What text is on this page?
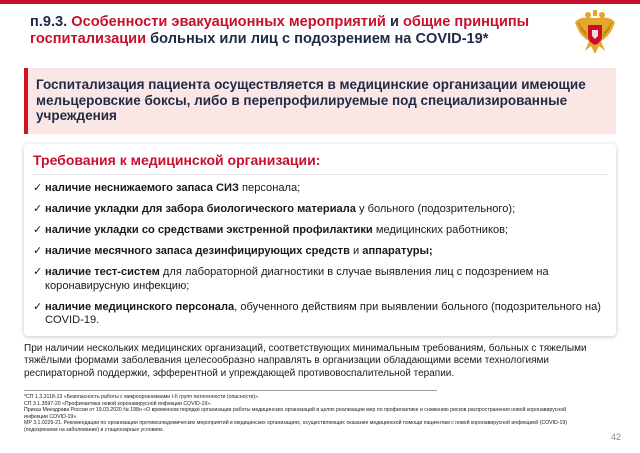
п.9.3. Особенности эвакуационных мероприятий и общие принципы госпитализации больных или лиц с подозрением на COVID-19*

Госпитализация пациента осуществляется в медицинские организации имеющие мельцеровские боксы, либо в перепрофилируемые под специализированные учреждения

Требования к медицинской организации:
✓ наличие неснижаемого запаса СИЗ персонала;
✓ наличие укладки для забора биологического материала у больного (подозрительного);
✓ наличие укладки со средствами экстренной профилактики медицинских работников;
✓ наличие месячного запаса дезинфицирующих средств и аппаратуры;
✓ наличие тест-систем для лабораторной диагностики в случае выявления лиц с подозрением на коронавирусную инфекцию;
✓ наличие медицинского персонала, обученного действиям при выявлении больного (подозрительного на) COVID-19.

При наличии нескольких медицинских организаций, соответствующих минимальным требованиям, больных с тяжелыми тяжёлыми формами заболевания целесообразно направлять в организации обладающими всеми технологиями респираторной поддержки, эфферентной и упреждающей противовоспалительной терапии.

*СП 1.3.3118-13 «Безопасность работы с микроорганизмами I-II групп патогенности (опасности)».
СП 3.1.3597-20 «Профилактика новой коронавирусной инфекции COVID-19».
Приказ Минздрава России от 19.03.2020 № 198н «О временном порядке организации работы медицинских организаций в целях реализации мер по профилактике и снижению рисков распространения новой коронавирусной инфекции COVID-19».
МР 3.1.0229-21. Рекомендации по организации противоэпидемических мероприятий в медицинских организациях, осуществляющих оказание медицинской помощи пациентам с новой коронавирусной инфекцией (COVID-19) (подозрением на заболевание) в стационарных условиях.
42
